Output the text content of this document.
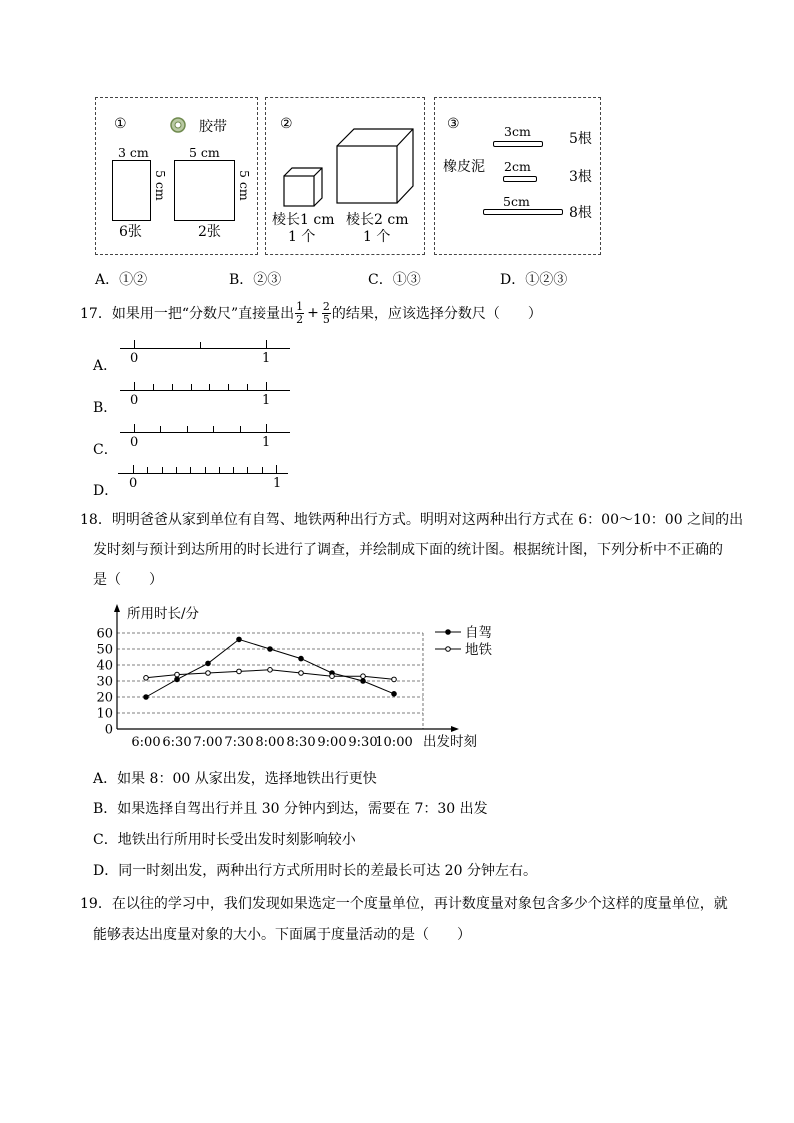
①	胶带
3 cm	5 cm
5 cm	5 cm
6张	2张
②
棱长1 cm 棱长2 cm
1 个	1 个
③
橡皮泥
3cm	5根
2cm
3根
5cm
8根
A．①②	B．②③	C．①③	D．①②③
17．如果用一把“分数尺”直接量出 $\frac{1}{2} + \frac{2}{5}$ 的结果，应该选择分数尺（　　）
A． 0	1
B． 0	1
C． 0	1
D． 0	1
18．明明爸爸从家到单位有自驾、地铁两种出行方式。明明对这两种出行方式在 6：00～10：00 之间的出
发时刻与预计到达所用的时长进行了调查，并绘制成下面的统计图。根据统计图，下列分析中不正确的
是（　　）
0
10
20
30
40
50
60
6:00 6:30 7:00 7:30 8:00 8:30 9:00 9:30
10:00
自驾
地铁
所用时长/分
出发时刻
A．如果 8：00 从家出发，选择地铁出行更快
B．如果选择自驾出行并且 30 分钟内到达，需要在 7：30 出发
C．地铁出行所用时长受出发时刻影响较小
D．同一时刻出发，两种出行方式所用时长的差最长可达 20 分钟左右。
19．在以往的学习中，我们发现如果选定一个度量单位，再计数度量对象包含多少个这样的度量单位，就
能够表达出度量对象的大小。下面属于度量活动的是（　　）
